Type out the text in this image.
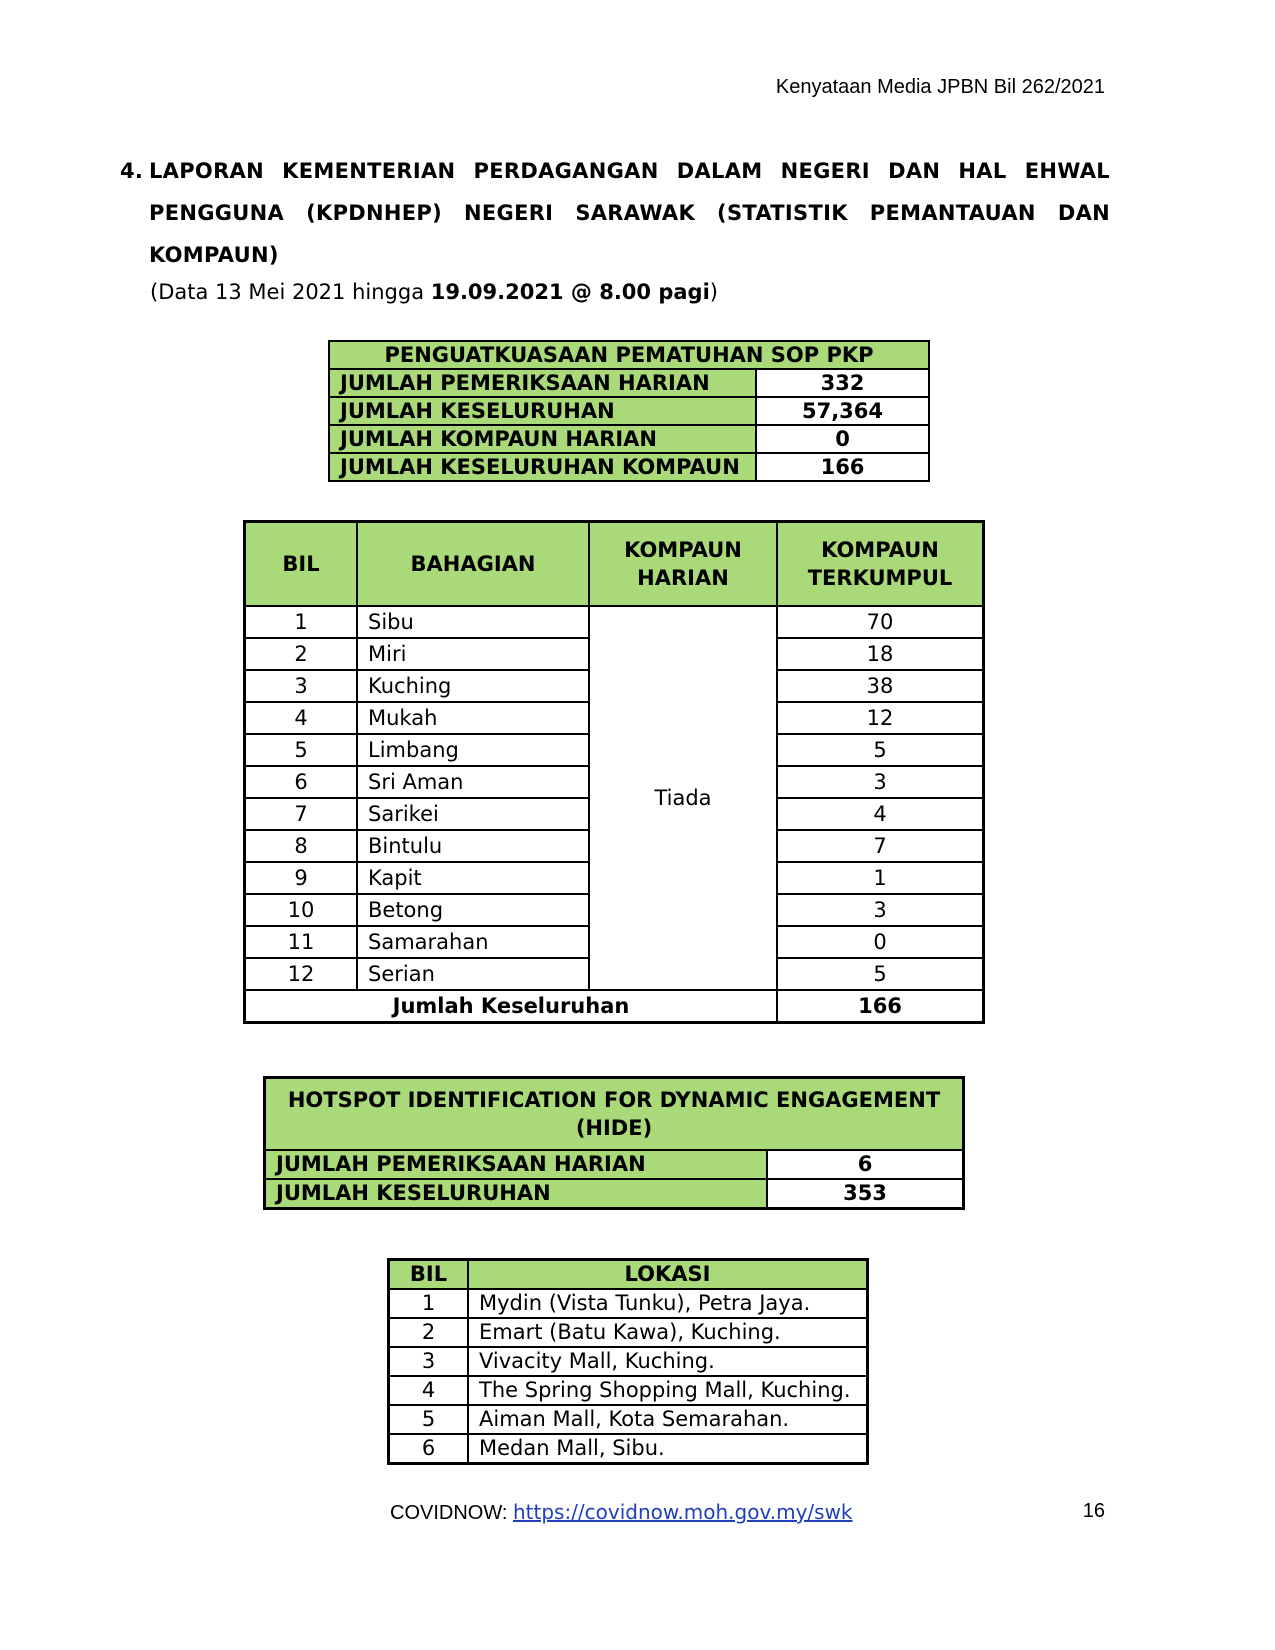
Kenyataan Media JPBN Bil 262/2021
4. LAPORAN KEMENTERIAN PERDAGANGAN DALAM NEGERI DAN HAL EHWAL PENGGUNA (KPDNHEP) NEGERI SARAWAK (STATISTIK PEMANTAUAN DAN KOMPAUN)
(Data 13 Mei 2021 hingga 19.09.2021 @ 8.00 pagi)
PENGUATKUASAAN PEMATUHAN SOP PKP	
JUMLAH PEMERIKSAAN HARIAN	332
JUMLAH KESELURUHAN	57,364
JUMLAH KOMPAUN HARIAN	0
JUMLAH KESELURUHAN KOMPAUN	166
BIL	BAHAGIAN	KOMPAUN HARIAN	KOMPAUN TERKUMPUL
1	Sibu	Tiada	70
2	Miri		18
3	Kuching		38
4	Mukah		12
5	Limbang		5
6	Sri Aman		3
7	Sarikei		4
8	Bintulu		7
9	Kapit		1
10	Betong		3
11	Samarahan		0
12	Serian		5
Jumlah Keseluruhan			166
HOTSPOT IDENTIFICATION FOR DYNAMIC ENGAGEMENT (HIDE)	
JUMLAH PEMERIKSAAN HARIAN	6
JUMLAH KESELURUHAN	353
BIL	LOKASI
1	Mydin (Vista Tunku), Petra Jaya.
2	Emart (Batu Kawa), Kuching.
3	Vivacity Mall, Kuching.
4	The Spring Shopping Mall, Kuching.
5	Aiman Mall, Kota Semarahan.
6	Medan Mall, Sibu.
COVIDNOW: https://covidnow.moh.gov.my/swk	16
